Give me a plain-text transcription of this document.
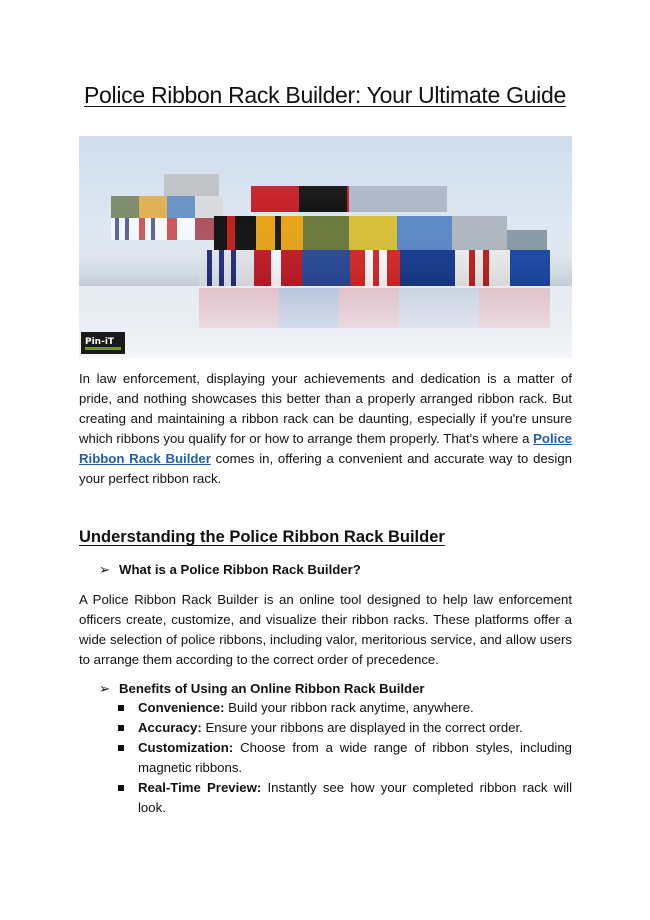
Police Ribbon Rack Builder: Your Ultimate Guide
Pin-iT

In law enforcement, displaying your achievements and dedication is a matter of pride, and nothing showcases this better than a properly arranged ribbon rack. But creating and maintaining a ribbon rack can be daunting, especially if you're unsure which ribbons you qualify for or how to arrange them properly. That's where a Police Ribbon Rack Builder comes in, offering a convenient and accurate way to design your perfect ribbon rack.

Understanding the Police Ribbon Rack Builder
➢ What is a Police Ribbon Rack Builder?

A Police Ribbon Rack Builder is an online tool designed to help law enforcement officers create, customize, and visualize their ribbon racks. These platforms offer a wide selection of police ribbons, including valor, meritorious service, and allow users to arrange them according to the correct order of precedence.

➢ Benefits of Using an Online Ribbon Rack Builder
Convenience: Build your ribbon rack anytime, anywhere.
Accuracy: Ensure your ribbons are displayed in the correct order.
Customization: Choose from a wide range of ribbon styles, including magnetic ribbons.
Real-Time Preview: Instantly see how your completed ribbon rack will look.
